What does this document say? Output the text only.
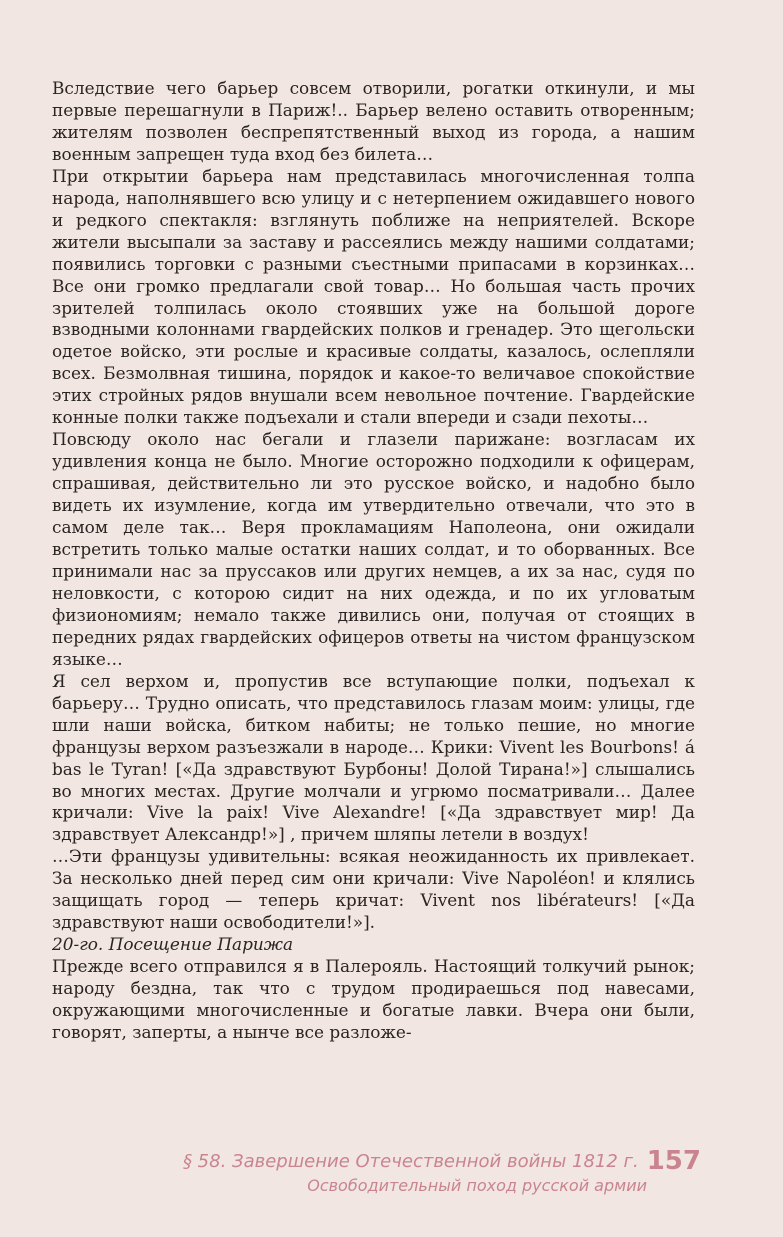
Вследствие чего барьер совсем отворили, рогатки откинули, и мы первые перешагнули в Париж!.. Барьер велено оставить отворенным; жителям позволен беспрепятственный выход из города, а нашим военным запрещен туда вход без билета…

При открытии барьера нам представилась многочисленная толпа народа, наполнявшего всю улицу и с нетерпением ожидавшего нового и редкого спектакля: взглянуть поближе на неприятелей. Вскоре жители высыпали за заставу и рассеялись между нашими солдатами; появились торговки с разными съестными припасами в корзинках… Все они громко предлагали свой товар… Но большая часть прочих зрителей толпилась около стоявших уже на большой дороге взводными колоннами гвардейских полков и гренадер. Это щегольски одетое войско, эти рослые и красивые солдаты, казалось, ослепляли всех. Безмолвная тишина, порядок и какое-то величавое спокойствие этих стройных рядов внушали всем невольное почтение. Гвардейские конные полки также подъехали и стали впереди и сзади пехоты…

Повсюду около нас бегали и глазели парижане: возгласам их удивления конца не было. Многие осторожно подходили к офицерам, спрашивая, действительно ли это русское войско, и надобно было видеть их изумление, когда им утвердительно отвечали, что это в самом деле так… Веря прокламациям Наполеона, они ожидали встретить только малые остатки наших солдат, и то оборванных. Все принимали нас за пруссаков или других немцев, а их за нас, судя по неловкости, с которою сидит на них одежда, и по их угловатым физиономиям; немало также дивились они, получая от стоящих в передних рядах гвардейских офицеров ответы на чистом французском языке…

Я сел верхом и, пропустив все вступающие полки, подъехал к барьеру… Трудно описать, что представилось глазам моим: улицы, где шли наши войска, битком набиты; не только пешие, но многие французы верхом разъезжали в народе… Крики: Vivent les Bourbons! á bas le Tyran! [«Да здравствуют Бурбоны! Долой Тирана!»] слышались во многих местах. Другие молчали и угрюмо посматривали… Далее кричали: Vive la paix! Vive Alexandre! [«Да здравствует мир! Да здравствует Александр!»] , причем шляпы летели в воздух!

…Эти французы удивительны: всякая неожиданность их привлекает. За несколько дней перед сим они кричали: Vive Napoléon! и клялись защищать город — теперь кричат: Vivent nos libérateurs! [«Да здравствуют наши освободители!»].

20-го. Посещение Парижа

Прежде всего отправился я в Палерояль. Настоящий толкучий рынок; народу бездна, так что с трудом продираешься под навесами, окружающими многочисленные и богатые лавки. Вчера они были, говорят, заперты, а нынче все разложе-

§ 58. Завершение Отечественной войны 1812 г. 157
Освободительный поход русской армии
